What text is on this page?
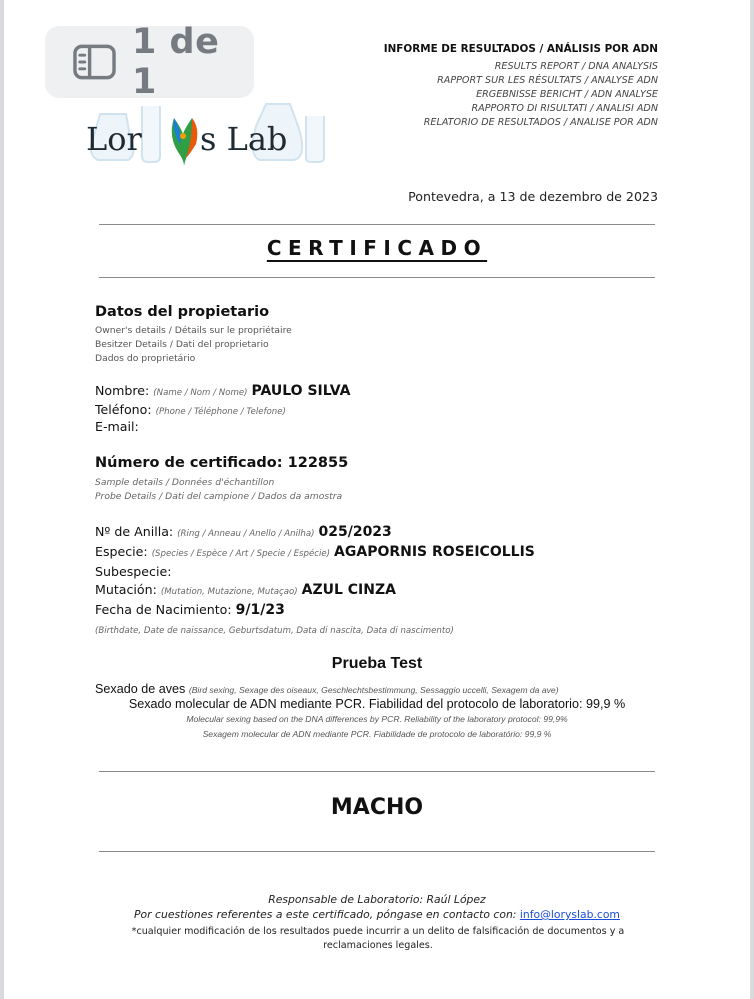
1 de 1
Lor s Lab
INFORME DE RESULTADOS / ANÁLISIS POR ADN
RESULTS REPORT / DNA ANALYSIS
RAPPORT SUR LES RÉSULTATS / ANALYSE ADN
ERGEBNISSE BERICHT / ADN ANALYSE
RAPPORTO DI RISULTATI / ANALISI ADN
RELATORIO DE RESULTADOS / ANALISE POR ADN
Pontevedra, a 13 de dezembro de 2023
CERTIFICADO
Datos del propietario
Owner's details / Détails sur le propriétaire
Besitzer Details / Dati del proprietario
Dados do proprietário
Nombre: (Name / Nom / Nome) PAULO SILVA
Teléfono: (Phone / Téléphone / Telefone)
E-mail:
Número de certificado: 122855
Sample details / Données d'échantillon
Probe Details / Dati del campione / Dados da amostra
Nº de Anilla: (Ring / Anneau / Anello / Anilha) 025/2023
Especie: (Species / Espèce / Art / Specie / Espécie) AGAPORNIS ROSEICOLLIS
Subespecie:
Mutación: (Mutation, Mutazione, Mutaçao) AZUL CINZA
Fecha de Nacimiento: 9/1/23
(Birthdate, Date de naissance, Geburtsdatum, Data di nascita, Data di nascimento)
Prueba Test
Sexado de aves (Bird sexing, Sexage des oiseaux, Geschlechtsbestimmung, Sessaggio uccelli, Sexagem da ave)
Sexado molecular de ADN mediante PCR. Fiabilidad del protocolo de laboratorio: 99,9 %
Molecular sexing based on the DNA differences by PCR. Reliability of the laboratory protocol: 99,9%
Sexagem molecular de ADN mediante PCR. Fiabilidade de protocolo de laboratório: 99,9 %
MACHO
Responsable de Laboratorio: Raúl López
Por cuestiones referentes a este certificado, póngase en contacto con: info@loryslab.com
*cualquier modificación de los resultados puede incurrir a un delito de falsificación de documentos y a reclamaciones legales.
